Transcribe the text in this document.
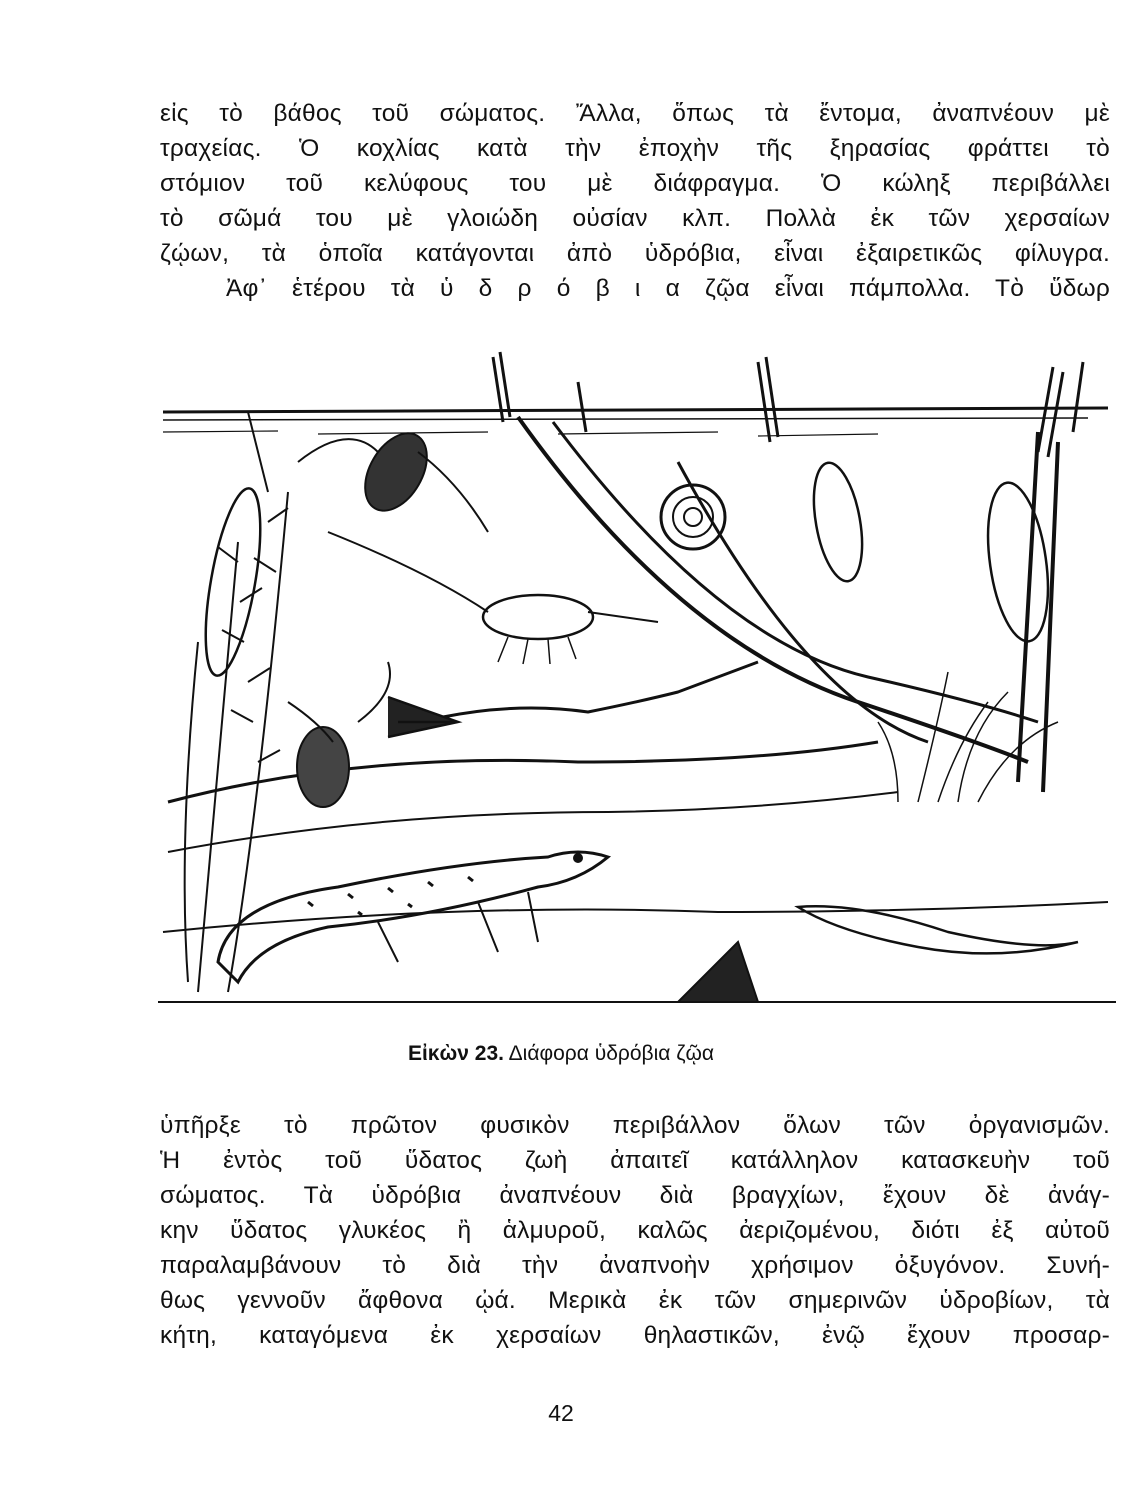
εἰς τὸ βάθος τοῦ σώματος. Ἄλλα, ὅπως τὰ ἔντομα, ἀναπνέουν μὲ
τραχείας. Ὁ κοχλίας κατὰ τὴν ἐποχὴν τῆς ξηρασίας φράττει τὸ
στόμιον τοῦ κελύφους του μὲ διάφραγμα. Ὁ κώληξ περιβάλλει
τὸ σῶμά του μὲ γλοιώδη οὐσίαν κλπ. Πολλὰ ἐκ τῶν χερσαίων
ζῴων, τὰ ὁποῖα κατάγονται ἀπὸ ὑδρόβια, εἶναι ἐξαιρετικῶς φίλυγρα.
Ἀφ᾽ ἑτέρου τὰ ὑ δ ρ ό β ι α ζῷα εἶναι πάμπολλα. Τὸ ὕδωρ
Εἰκὼν 23. Διάφορα ὑδρόβια ζῷα
ὑπῆρξε τὸ πρῶτον φυσικὸν περιβάλλον ὅλων τῶν ὀργανισμῶν.
Ἡ ἐντὸς τοῦ ὕδατος ζωὴ ἀπαιτεῖ κατάλληλον κατασκευὴν τοῦ
σώματος. Τὰ ὑδρόβια ἀναπνέουν διὰ βραγχίων, ἔχουν δὲ ἀνάγ-
κην ὕδατος γλυκέος ἢ ἁλμυροῦ, καλῶς ἀεριζομένου, διότι ἐξ αὐτοῦ
παραλαμβάνουν τὸ διὰ τὴν ἀναπνοὴν χρήσιμον ὀξυγόνον. Συνή-
θως γεννοῦν ἄφθονα ᾠά. Μερικὰ ἐκ τῶν σημερινῶν ὑδροβίων, τὰ
κήτη, καταγόμενα ἐκ χερσαίων θηλαστικῶν, ἐνῷ ἔχουν προσαρ-
42
